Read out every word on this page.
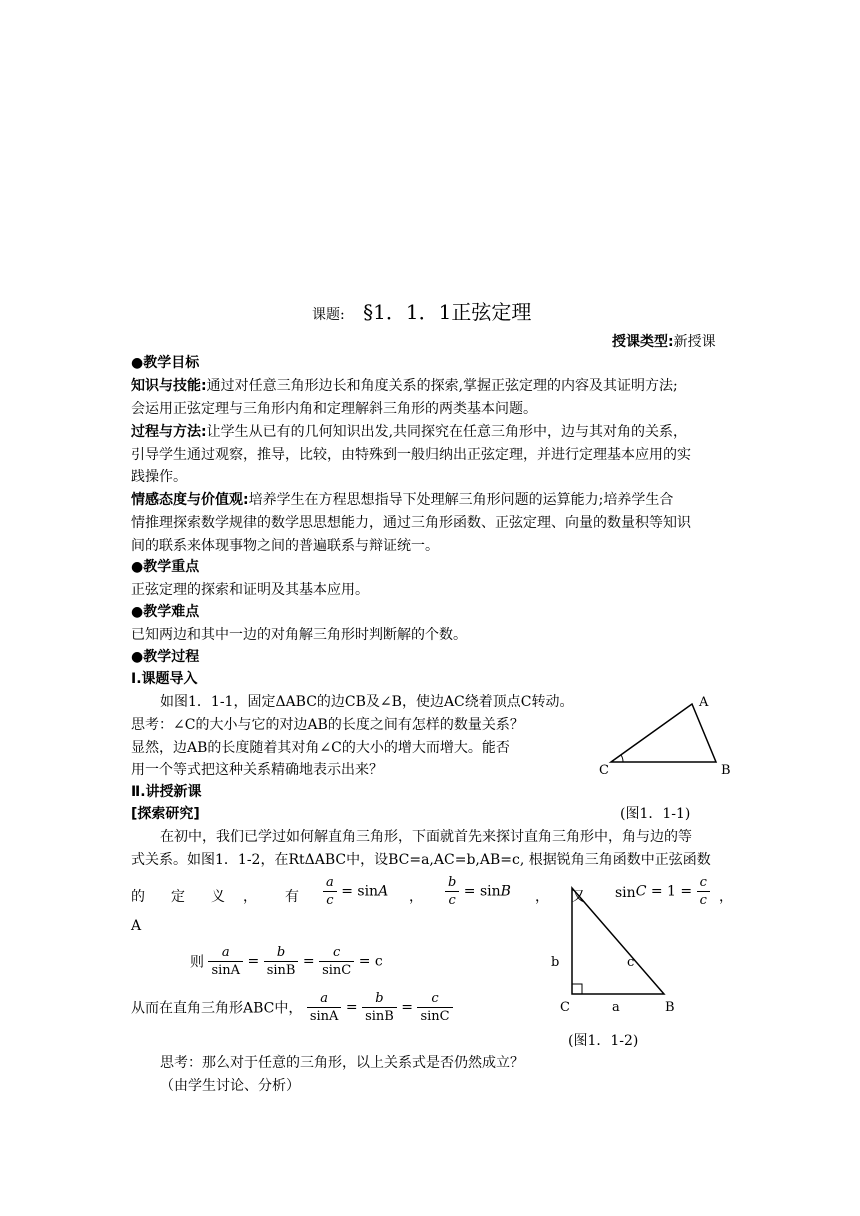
课题: §1．1．1正弦定理
授课类型:新授课
●教学目标
知识与技能:通过对任意三角形边长和角度关系的探索,掌握正弦定理的内容及其证明方法;
会运用正弦定理与三角形内角和定理解斜三角形的两类基本问题。
过程与方法:让学生从已有的几何知识出发,共同探究在任意三角形中，边与其对角的关系，
引导学生通过观察，推导，比较，由特殊到一般归纳出正弦定理，并进行定理基本应用的实
践操作。
情感态度与价值观:培养学生在方程思想指导下处理解三角形问题的运算能力;培养学生合
情推理探索数学规律的数学思思想能力，通过三角形函数、正弦定理、向量的数量积等知识
间的联系来体现事物之间的普遍联系与辩证统一。
●教学重点
正弦定理的探索和证明及其基本应用。
●教学难点
已知两边和其中一边的对角解三角形时判断解的个数。
●教学过程
Ⅰ.课题导入
如图1．1-1，固定ΔABC的边CB及∠B，使边AC绕着顶点C转动。
思考：∠C的大小与它的对边AB的长度之间有怎样的数量关系？
显然，边AB的长度随着其对角∠C的大小的增大而增大。能否
用一个等式把这种关系精确地表示出来？
Ⅱ.讲授新课
[探索研究]	(图1．1-1)
在初中，我们已学过如何解直角三角形，下面就首先来探讨直角三角形中，角与边的等
式关系。如图1．1-2，在RtΔABC中，设BC=a,AC=b,AB=c, 根据锐角三角函数中正弦函数
A
C	B
的 定 义 ， 有 $\frac{a}{c} = \sin A$ ， $\frac{b}{c} = \sin B$ ， 又 $\sin C = 1 = \frac{c}{c}$ ，
A
则 $\frac{a}{\sin A} = \frac{b}{\sin B} = \frac{c}{\sin C} = c$
从而在直角三角形ABC中， $\frac{a}{\sin A} = \frac{b}{\sin B} = \frac{c}{\sin C}$
b	c
C	a	B
(图1．1-2)
思考：那么对于任意的三角形，以上关系式是否仍然成立？
（由学生讨论、分析）
